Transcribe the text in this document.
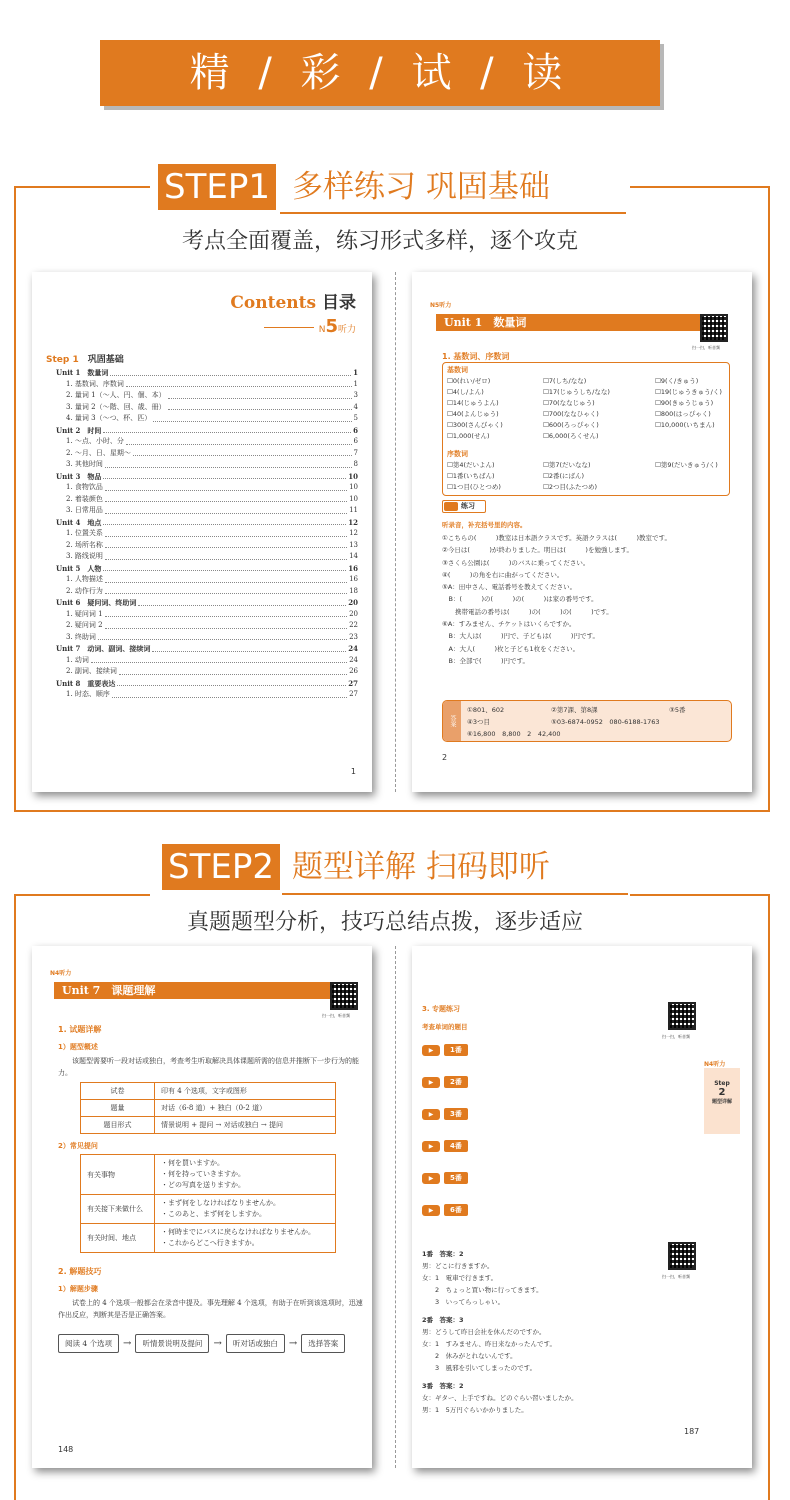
精 / 彩 / 试 / 读
STEP1 多样练习 巩固基础
考点全面覆盖，练习形式多样，逐个攻克
Contents 目录
N5听力
Step 1　 巩固基础
Unit 1　数量词	1
1. 基数词、序数词	1
2. 量词 1（〜人、円、個、本）	3
3. 量词 2（〜階、回、歳、冊）	4
4. 量词 3（〜つ、杯、匹）	5
Unit 2　时间	6
1. 〜点、小时、分	6
2. 〜月、日、星期〜	7
3. 其他时间	8
Unit 3　物品	10
1. 食物饮品	10
2. 着装颜色	10
3. 日常用品	11
Unit 4　地点	12
1. 位置关系	12
2. 场所名称	13
3. 路线说明	14
Unit 5　人物	16
1. 人物描述	16
2. 动作行为	18
Unit 6　疑问词、终助词	20
1. 疑问词 1	20
2. 疑问词 2	22
3. 终助词	23
Unit 7　动词、副词、接续词	24
1. 动词	24
2. 副词、接续词	26
Unit 8　重要表达	27
1. 时态、顺序	27
1
N5听力
Unit 1　数量词
扫一扫，听音频
1. 基数词、序数词
基数词
☐0(れい/ゼロ)	☐7(しち/なな)	☐9(く/きゅう)
☐4(し/よん)	☐17(じゅうしち/なな)	☐19(じゅうきゅう/く)
☐14(じゅうよん)	☐70(ななじゅう)	☐90(きゅうじゅう)
☐40(よんじゅう)	☐700(ななひゃく)	☐800(はっぴゃく)
☐300(さんびゃく)	☐600(ろっぴゃく)	☐10,000(いちまん)
☐1,000(せん)	☐6,000(ろくせん)
序数词
☐第4(だいよん)	☐第7(だいなな)	☐第9(だいきゅう/く)
☐1番(いちばん)	☐2番(にばん)
☐1つ目(ひとつめ)	☐2つ目(ふたつめ)
练习
听录音，补充括号里的内容。
①こちらの(　　　)教室は日本語クラスです。英語クラスは(　　　)教室です。
②今日は(　　　)が終わりました。明日は(　　　)を勉強します。
③さくら公園は(　　　)のバスに乗ってください。
④(　　　)の角を右に曲がってください。
⑤A：田中さん、電話番号を教えてください。
　B：(　　　)の(　　　)の(　　　)は家の番号です。
　　携帯電話の番号は(　　　)の(　　　)の(　　　)です。
⑥A：すみません、チケットはいくらですか。
　B：大人は(　　　)円で、子どもは(　　　)円です。
　A：大人(　　　)枚と子ども1枚をください。
　B：全部で(　　　)円です。
答案
①801、602	②第7課、第8課	③5番
④3つ目	⑤03-6874-0952　080-6188-1763
⑥16,800　8,800　2　42,400
2
STEP2 题型详解 扫码即听
真题题型分析，技巧总结点拨，逐步适应
N4听力
Unit 7　课题理解
扫一扫，听音频
1. 试题详解
1）题型概述
该题型需要听一段对话或独白，考查考生听取解决具体课题所需的信息并推断下一步行为的能力。
试卷	印有 4 个选项，文字或图形
题量	对话（6-8 道）+ 独白（0-2 道）
题目形式	情景说明 + 提问 → 对话或独白 → 提问
2）常见提问
有关事物	・何を買いますか。
・何を持っていきますか。
・どの写真を送りますか。

有关接下来做什么	・まず何をしなければなりませんか。
・このあと、まず何をしますか。

有关时间、地点	・何時までにバスに戻らなければなりませんか。
・これからどこへ行きますか。
2. 解题技巧
1）解题步骤
试卷上的 4 个选项一般都会在录音中提及。事先理解 4 个选项，有助于在听到该选项时，迅速作出反应，判断其是否是正确答案。
阅读 4 个选项	→	听情景说明及提问	→	听对话或独白	→	选择答案
148
3. 专题练习
考查单词的题目
▶	1番
▶	2番
▶	3番
▶	4番
▶	5番
▶	6番
扫一扫，听音频
N4听力
Step
2
题型详解
扫一扫，听音频
1番　答案：2
男：どこに行きますか。
女：1　電車で行きます。
　　2　ちょっと買い物に行ってきます。
　　3　いってらっしゃい。
2番　答案：3
男：どうして昨日会社を休んだのですか。
女：1　すみません、昨日来なかったんです。
　　2　休みがとれないんです。
　　3　風邪を引いてしまったのです。
3番　答案：2
女：ギター、上手ですね。どのぐらい習いましたか。
男：1　5万円ぐらいかかりました。
187
